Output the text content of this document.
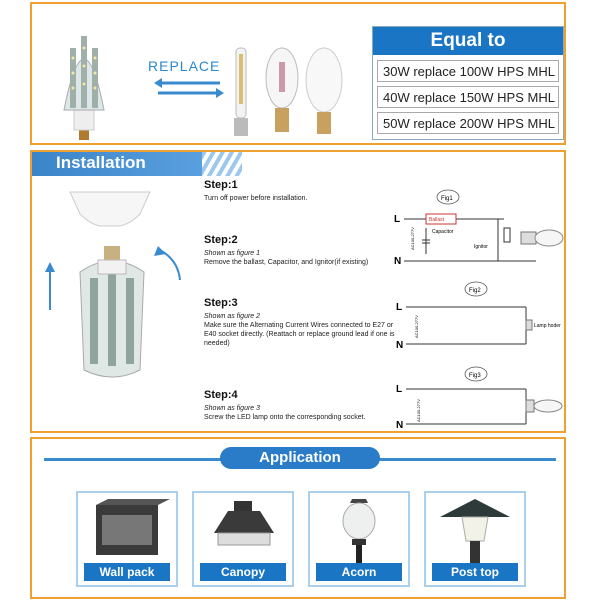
REPLACE
Equal to
30W replace 100W HPS MHL
40W replace 150W HPS MHL
50W replace 200W HPS MHL
Installation
Step:1
Turn off power before installation.
Step:2
Shown as figure 1
Remove the ballast, Capacitor, and Ignitor(if existing)
Step:3
Shown as figure 2
Make sure the Alternating Current Wires connected to E27 or E40 socket directly. (Reattach or replace ground lead if one is needed)
Step:4
Shown as figure 3
Screw the LED lamp onto the corresponding socket.
Fig1
L
N
Ballast
Capacitor
Ignitor
AC100-277V
Fig2
L
N
AC100-277V	Lamp hoder
Fig3
L
N
AC100-277V
Application
Wall pack	Canopy	Acorn	Post top
